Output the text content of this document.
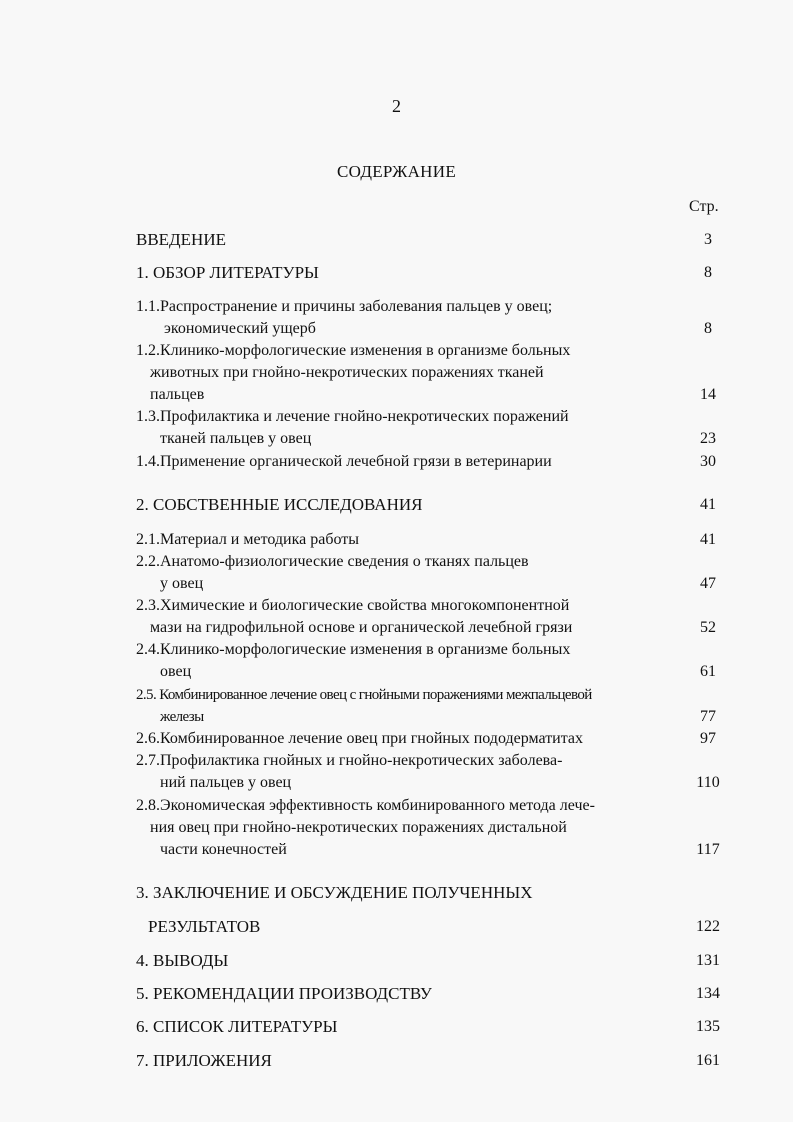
2
СОДЕРЖАНИЕ
Стр.
ВВЕДЕНИЕ	3
1. ОБЗОР ЛИТЕРАТУРЫ	8
1.1.Распространение и причины заболевания пальцев у овец;
экономический ущерб	8
1.2.Клинико-морфологические изменения в организме больных
животных при гнойно-некротических поражениях тканей
пальцев	14
1.3.Профилактика и лечение гнойно-некротических поражений
тканей пальцев у овец	23
1.4.Применение органической лечебной грязи в ветеринарии	30
2. СОБСТВЕННЫЕ ИССЛЕДОВАНИЯ	41
2.1.Материал и методика работы	41
2.2.Анатомо-физиологические сведения о тканях пальцев
у овец	47
2.3.Химические и биологические свойства многокомпонентной
мази на гидрофильной основе и органической лечебной грязи	52
2.4.Клинико-морфологические изменения в организме больных
овец	61
2.5. Комбинированное лечение овец с гнойными поражениями межпальцевой
железы	77
2.6.Комбинированное лечение овец при гнойных пододерматитах	97
2.7.Профилактика гнойных и гнойно-некротических заболева-
ний пальцев у овец	110
2.8.Экономическая эффективность комбинированного метода лече-
ния овец при гнойно-некротических поражениях дистальной
части конечностей	117
3. ЗАКЛЮЧЕНИЕ И ОБСУЖДЕНИЕ ПОЛУЧЕННЫХ
РЕЗУЛЬТАТОВ	122
4. ВЫВОДЫ	131
5. РЕКОМЕНДАЦИИ ПРОИЗВОДСТВУ	134
6. СПИСОК ЛИТЕРАТУРЫ	135
7. ПРИЛОЖЕНИЯ	161
